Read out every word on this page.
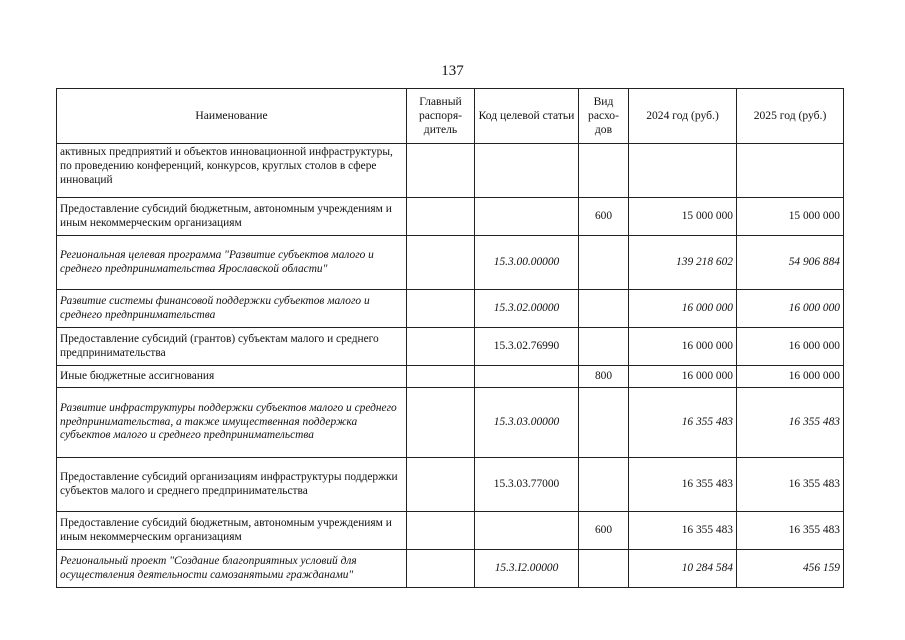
137
Наименование	Главный распоря-дитель	Код целевой статьи	Вид расхо-дов	2024 год (руб.)	2025 год (руб.)
активных предприятий и объектов инновационной инфраструктуры, по проведению конференций, конкурсов, круглых столов в сфере инноваций					
Предоставление субсидий бюджетным, автономным учреждениям и иным некоммерческим организациям			600	15 000 000	15 000 000
Региональная целевая программа "Развитие субъектов малого и среднего предпринимательства Ярославской области"		15.3.00.00000		139 218 602	54 906 884
Развитие системы финансовой поддержки субъектов малого и среднего предпринимательства		15.3.02.00000		16 000 000	16 000 000
Предоставление субсидий (грантов) субъектам малого и среднего предпринимательства		15.3.02.76990		16 000 000	16 000 000
Иные бюджетные ассигнования			800	16 000 000	16 000 000
Развитие инфраструктуры поддержки субъектов малого и среднего предпринимательства, а также имущественная поддержка субъектов малого и среднего предпринимательства		15.3.03.00000		16 355 483	16 355 483
Предоставление субсидий организациям инфраструктуры поддержки субъектов малого и среднего предпринимательства		15.3.03.77000		16 355 483	16 355 483
Предоставление субсидий бюджетным, автономным учреждениям и иным некоммерческим организациям			600	16 355 483	16 355 483
Региональный проект "Создание благоприятных условий для осуществления деятельности самозанятыми гражданами"		15.3.I2.00000		10 284 584	456 159
